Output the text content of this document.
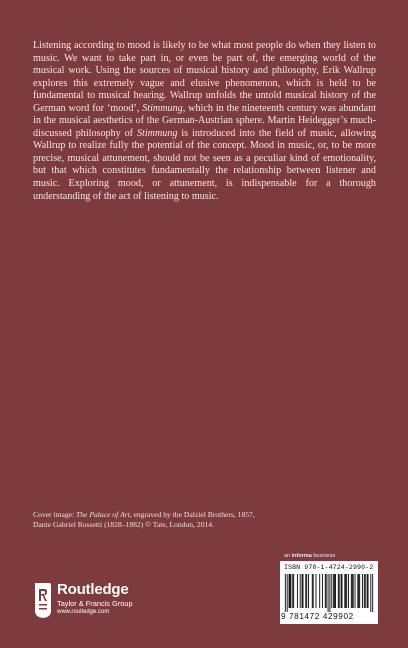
Listening according to mood is likely to be what most people do when they listen to music. We want to take part in, or even be part of, the emerging world of the musical work. Using the sources of musical history and philosophy, Erik Wallrup explores this extremely vague and elusive phenomenon, which is held to be fundamental to musical hearing. Wallrup unfolds the untold musical history of the German word for ‘mood’, Stimmung, which in the nineteenth century was abundant in the musical aesthetics of the German-Austrian sphere. Martin Heidegger’s much-discussed philosophy of Stimmung is introduced into the field of music, allowing Wallrup to realize fully the potential of the concept. Mood in music, or, to be more precise, musical attunement, should not be seen as a peculiar kind of emotionality, but that which constitutes fundamentally the relationship between listener and music. Exploring mood, or attunement, is indispensable for a thorough understanding of the act of listening to music.
Cover image: The Palace of Art, engraved by the Dalziel Brothers, 1857, Dante Gabriel Rossetti (1828–1882) © Tate, London, 2014.
an informa business
ISBN 978-1-4724-2990-2
9 781472 429902
Routledge
Taylor & Francis Group
www.routledge.com
